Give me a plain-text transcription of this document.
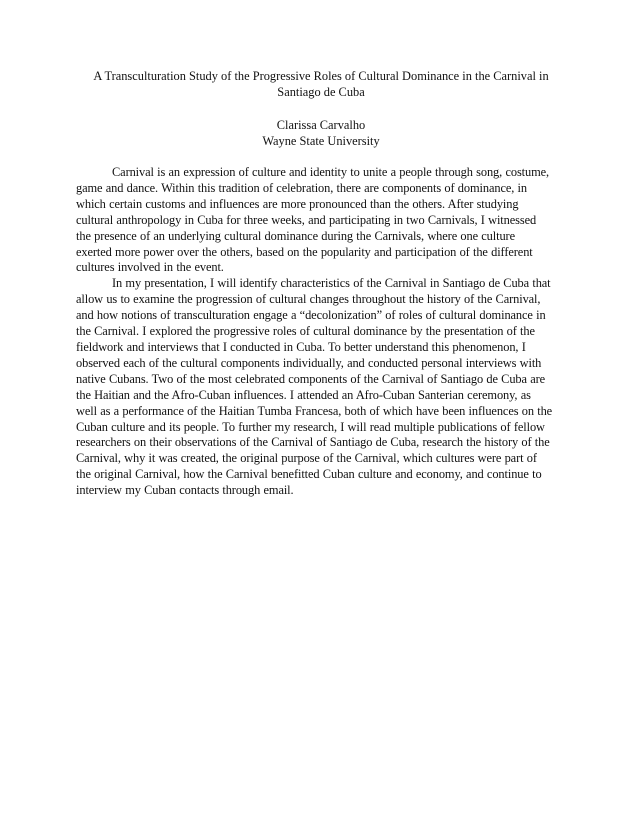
A Transculturation Study of the Progressive Roles of Cultural Dominance in the Carnival in
Santiago de Cuba
Clarissa Carvalho
Wayne State University

Carnival is an expression of culture and identity to unite a people through song, costume,
game and dance. Within this tradition of celebration, there are components of dominance, in
which certain customs and influences are more pronounced than the others. After studying
cultural anthropology in Cuba for three weeks, and participating in two Carnivals, I witnessed
the presence of an underlying cultural dominance during the Carnivals, where one culture
exerted more power over the others, based on the popularity and participation of the different
cultures involved in the event.

In my presentation, I will identify characteristics of the Carnival in Santiago de Cuba that
allow us to examine the progression of cultural changes throughout the history of the Carnival,
and how notions of transculturation engage a “decolonization” of roles of cultural dominance in
the Carnival. I explored the progressive roles of cultural dominance by the presentation of the
fieldwork and interviews that I conducted in Cuba. To better understand this phenomenon, I
observed each of the cultural components individually, and conducted personal interviews with
native Cubans. Two of the most celebrated components of the Carnival of Santiago de Cuba are
the Haitian and the Afro-Cuban influences. I attended an Afro-Cuban Santerian ceremony, as
well as a performance of the Haitian Tumba Francesa, both of which have been influences on the
Cuban culture and its people. To further my research, I will read multiple publications of fellow
researchers on their observations of the Carnival of Santiago de Cuba, research the history of the
Carnival, why it was created, the original purpose of the Carnival, which cultures were part of
the original Carnival, how the Carnival benefitted Cuban culture and economy, and continue to
interview my Cuban contacts through email.
